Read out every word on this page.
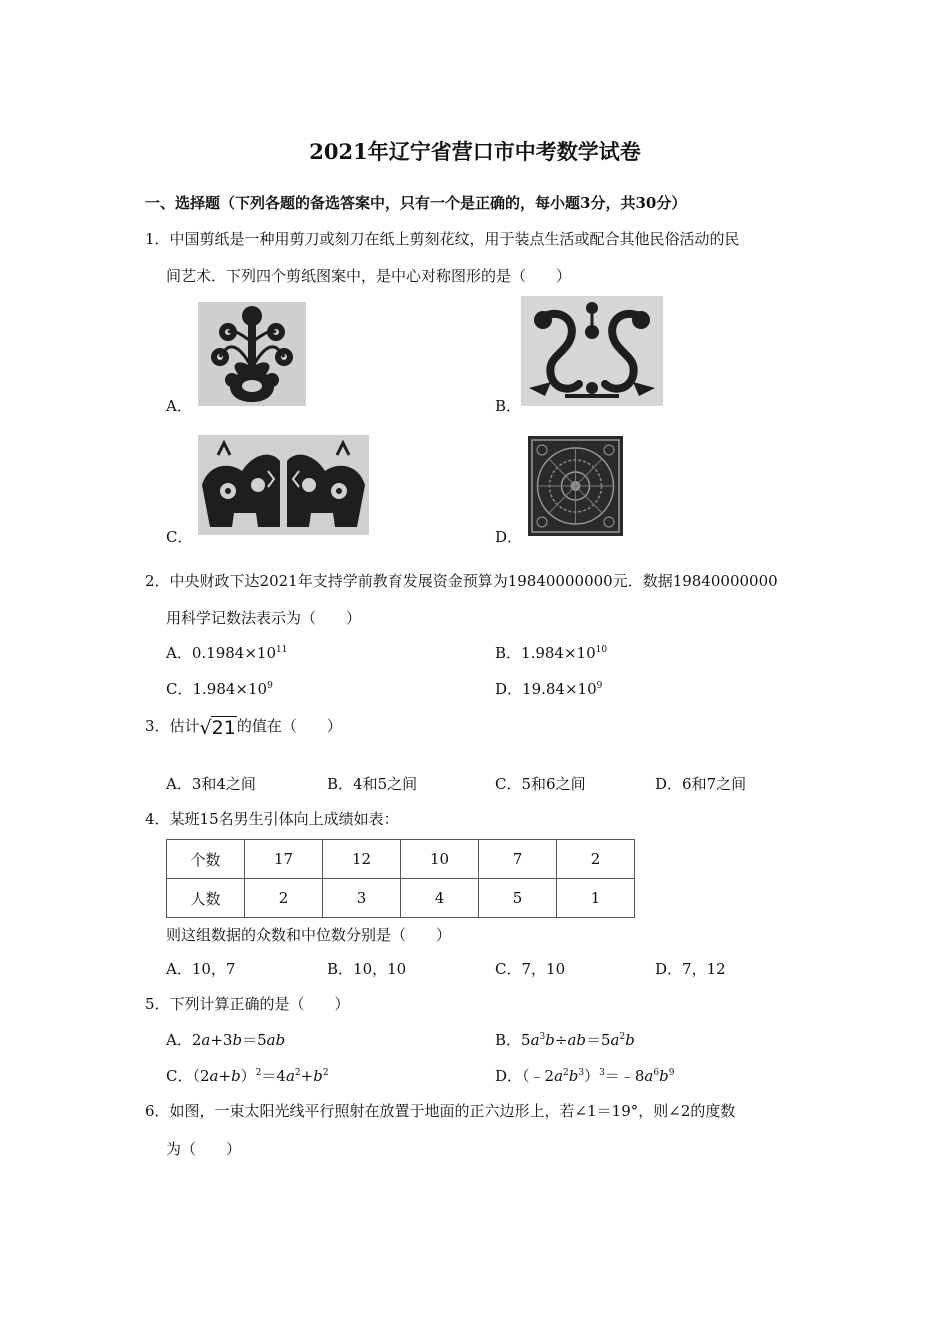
2021年辽宁省营口市中考数学试卷
一、选择题（下列各题的备选答案中，只有一个是正确的，每小题3分，共30分）
1．中国剪纸是一种用剪刀或刻刀在纸上剪刻花纹，用于装点生活或配合其他民俗活动的民
间艺术．下列四个剪纸图案中，是中心对称图形的是（　　）
A．	B．
C．	D．
2．中央财政下达2021年支持学前教育发展资金预算为19840000000元．数据19840000000
用科学记数法表示为（　　）
A．$0.1984\times 10^{11}$	B．$1.984\times 10^{10}$
C．$1.984\times 10^9$	D．$19.84\times 10^9$
3．估计√21的值在（　　）
A．3和4之间	B．4和5之间	C．5和6之间	D．6和7之间
4．某班15名男生引体向上成绩如表：
个数	17	12	10	7	2
人数	2	3	4	5	1
则这组数据的众数和中位数分别是（　　）
A．10，7	B．10，10	C．7，10	D．7，12
5．下列计算正确的是（　　）
A．2a+3b＝5ab	B．$5a^3b\div ab=5a^2b$
C．$(2a+b)^2=4a^2+b^2$	D．$(﹣2a^2b^3)^3=﹣8a^6b^9$
6．如图，一束太阳光线平行照射在放置于地面的正六边形上，若∠1＝19°，则∠2的度数
为（　　）
